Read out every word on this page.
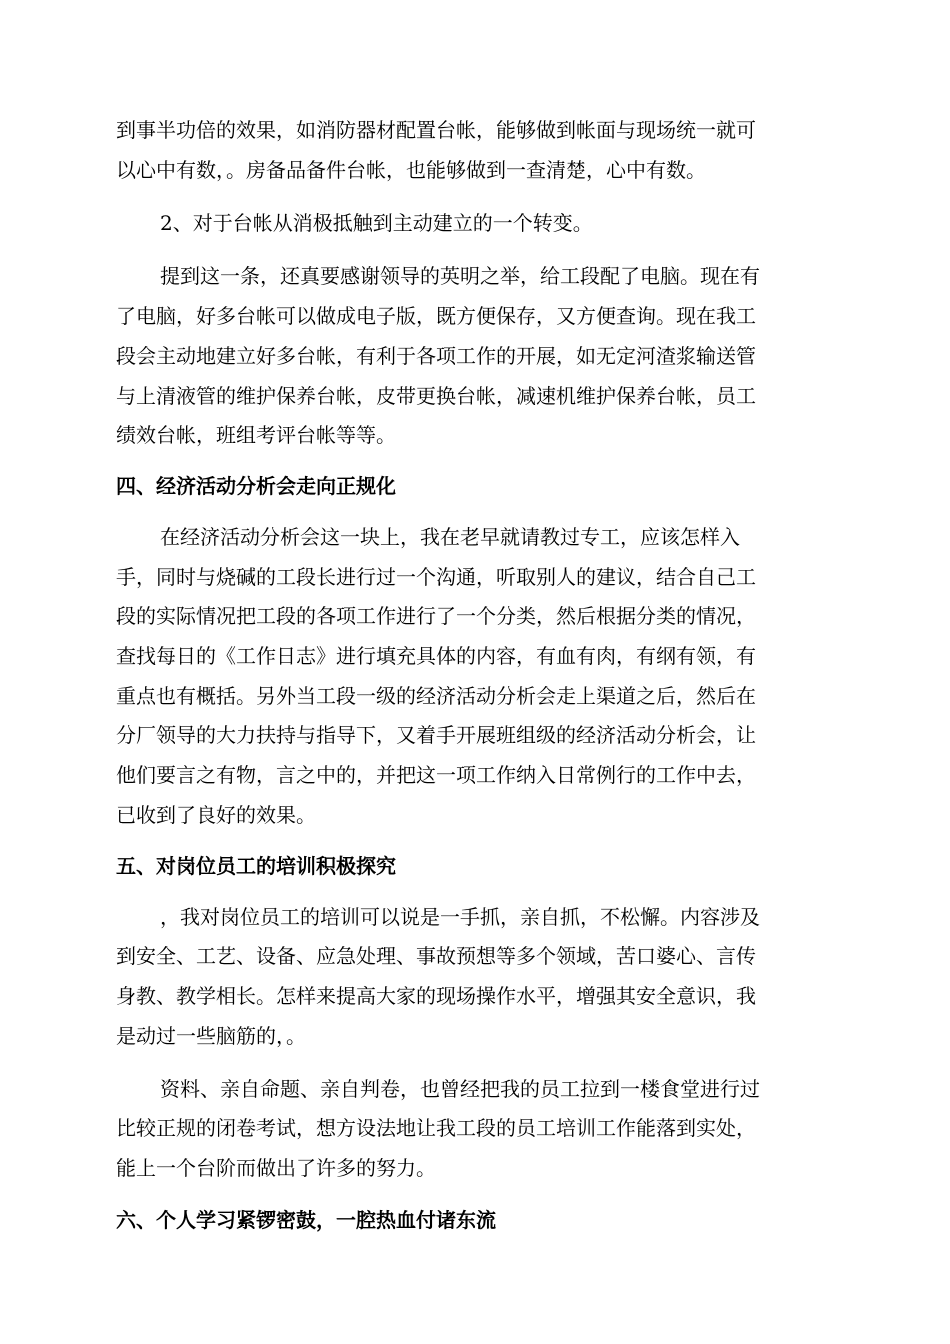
到事半功倍的效果，如消防器材配置台帐，能够做到帐面与现场统一就可
以心中有数，。房备品备件台帐，也能够做到一查清楚，心中有数。
2、对于台帐从消极抵触到主动建立的一个转变。
提到这一条，还真要感谢领导的英明之举，给工段配了电脑。现在有
了电脑，好多台帐可以做成电子版，既方便保存，又方便查询。现在我工
段会主动地建立好多台帐，有利于各项工作的开展，如无定河渣浆输送管
与上清液管的维护保养台帐，皮带更换台帐，减速机维护保养台帐，员工
绩效台帐，班组考评台帐等等。
四、经济活动分析会走向正规化
在经济活动分析会这一块上，我在老早就请教过专工，应该怎样入
手，同时与烧碱的工段长进行过一个沟通，听取别人的建议，结合自己工
段的实际情况把工段的各项工作进行了一个分类，然后根据分类的情况，
查找每日的《工作日志》进行填充具体的内容，有血有肉，有纲有领，有
重点也有概括。另外当工段一级的经济活动分析会走上渠道之后，然后在
分厂领导的大力扶持与指导下，又着手开展班组级的经济活动分析会，让
他们要言之有物，言之中的，并把这一项工作纳入日常例行的工作中去，
已收到了良好的效果。
五、对岗位员工的培训积极探究
，我对岗位员工的培训可以说是一手抓，亲自抓，不松懈。内容涉及
到安全、工艺、设备、应急处理、事故预想等多个领域，苦口婆心、言传
身教、教学相长。怎样来提高大家的现场操作水平，增强其安全意识，我
是动过一些脑筋的，。
资料、亲自命题、亲自判卷，也曾经把我的员工拉到一楼食堂进行过
比较正规的闭卷考试，想方设法地让我工段的员工培训工作能落到实处，
能上一个台阶而做出了许多的努力。
六、个人学习紧锣密鼓，一腔热血付诸东流
